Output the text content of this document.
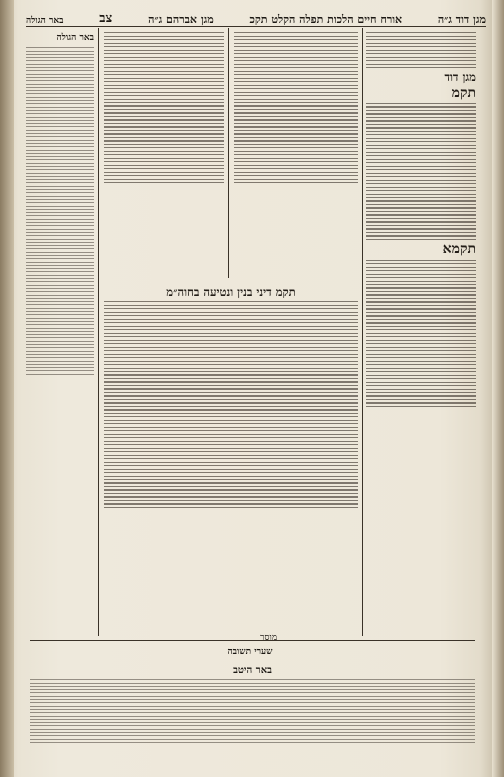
מגן דוד ג״ה
אורח חיים הלכות תפלה הקלט תקכ
מגן אברהם ג״ה
צב
באר הגולה
מגן דוד
תקמ
תקמא
תקמ דיני בנין ונטיעה בחוה״מ
באר הגולה
שערי תשובה
באר היטב
מוסר
